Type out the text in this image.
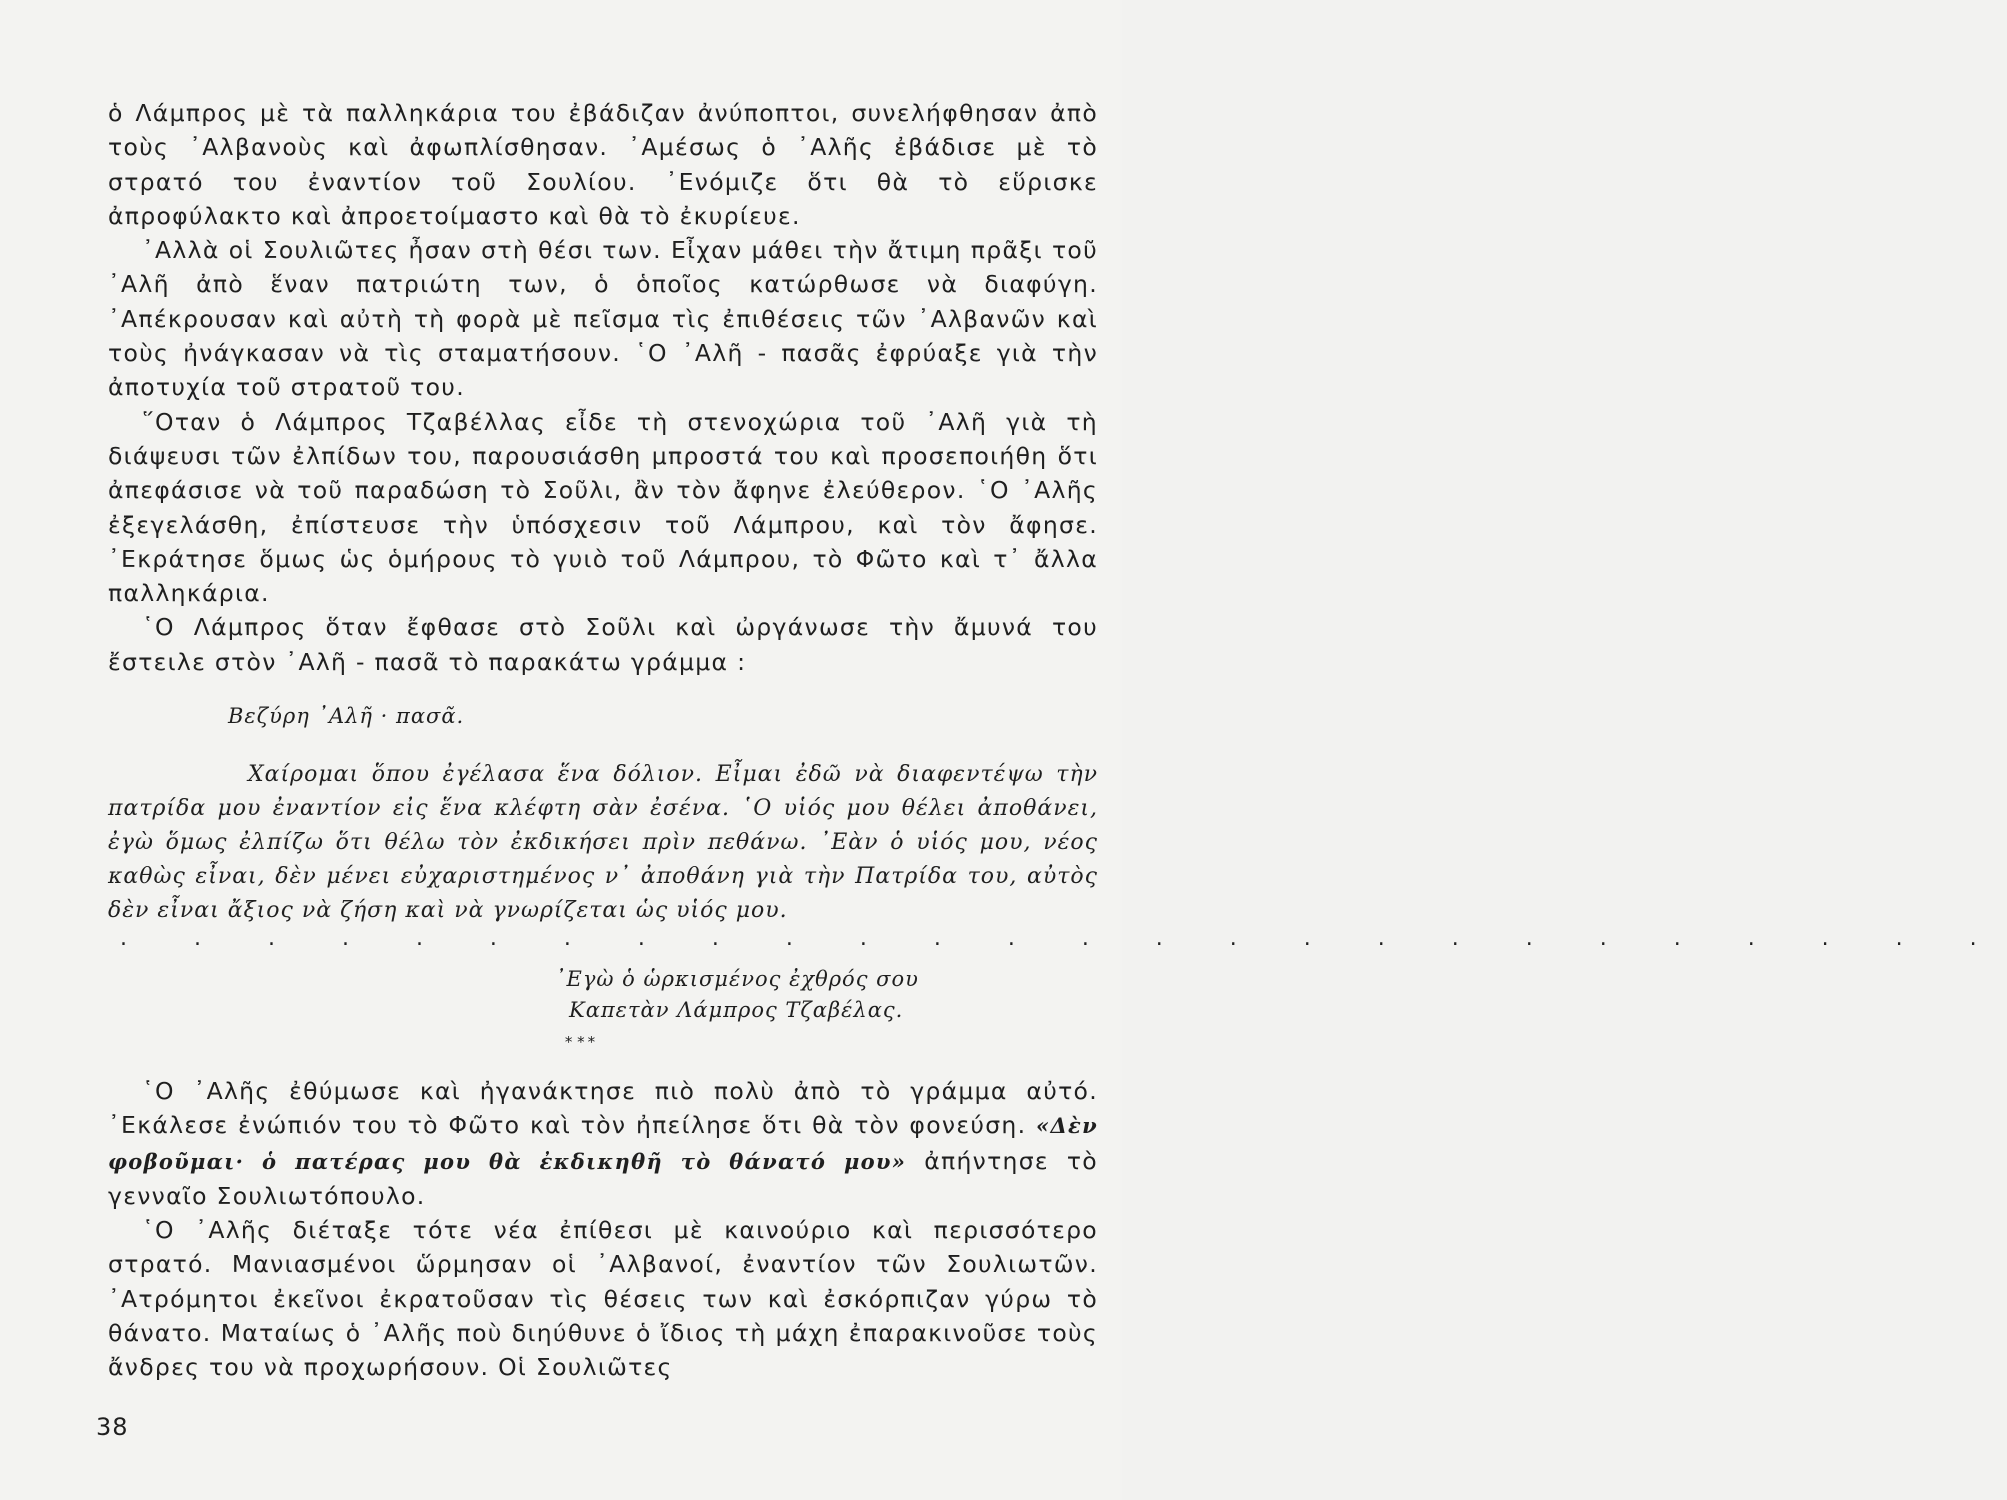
ὁ Λάμπρος μὲ τὰ παλληκάρια του ἐβάδιζαν ἀνύποπτοι, συνελήφθησαν ἀπὸ τοὺς ᾿Αλβανοὺς καὶ ἀφωπλίσθησαν. ᾿Αμέσως ὁ ᾿Αλῆς ἐβάδισε μὲ τὸ στρατό του ἐναντίον τοῦ Σουλίου. ᾿Ενόμιζε ὅτι θὰ τὸ εὕρισκε ἀπροφύλακτο καὶ ἀπροετοίμαστο καὶ θὰ τὸ ἐκυρίευε.

᾿Αλλὰ οἱ Σουλιῶτες ἦσαν στὴ θέσι των. Εἶχαν μάθει τὴν ἄτιμη πρᾶξι τοῦ ᾿Αλῆ ἀπὸ ἕναν πατριώτη των, ὁ ὁποῖος κατώρθωσε νὰ διαφύγη. ᾿Απέκρουσαν καὶ αὐτὴ τὴ φορὰ μὲ πεῖσμα τὶς ἐπιθέσεις τῶν ᾿Αλβανῶν καὶ τοὺς ἠνάγκασαν νὰ τὶς σταματήσουν. ῾Ο ᾿Αλῆ - πασᾶς ἐφρύαξε γιὰ τὴν ἀποτυχία τοῦ στρατοῦ του.

῞Οταν ὁ Λάμπρος Τζαβέλλας εἶδε τὴ στενοχώρια τοῦ ᾿Αλῆ γιὰ τὴ διάψευσι τῶν ἐλπίδων του, παρουσιάσθη μπροστά του καὶ προσεποιήθη ὅτι ἀπεφάσισε νὰ τοῦ παραδώση τὸ Σοῦλι, ἂν τὸν ἄφηνε ἐλεύθερον. ῾Ο ᾿Αλῆς ἐξεγελάσθη, ἐπίστευσε τὴν ὑπόσχεσιν τοῦ Λάμπρου, καὶ τὸν ἄφησε. ᾿Εκράτησε ὅμως ὡς ὁμήρους τὸ γυιὸ τοῦ Λάμπρου, τὸ Φῶτο καὶ τ᾿ ἄλλα παλληκάρια.

῾Ο Λάμπρος ὅταν ἔφθασε στὸ Σοῦλι καὶ ὠργάνωσε τὴν ἄμυνά του ἔστειλε στὸν ᾿Αλῆ - πασᾶ τὸ παρακάτω γράμμα :

Βεζύρη ᾿Αλῆ · πασᾶ.

Χαίρομαι ὅπου ἐγέλασα ἕνα δόλιον. Εἶμαι ἐδῶ νὰ διαφεντέψω τὴν πατρίδα μου ἐναντίον εἰς ἕνα κλέφτη σὰν ἐσένα. ῾Ο υἱός μου θέλει ἀποθάνει, ἐγὼ ὅμως ἐλπίζω ὅτι θέλω τὸν ἐκδικήσει πρὶν πεθάνω. ᾿Εὰν ὁ υἱός μου, νέος καθὼς εἶναι, δὲν μένει εὐχαριστημένος ν᾿ ἀποθάνη γιὰ τὴν Πατρίδα του, αὐτὸς δὲν εἶναι ἄξιος νὰ ζήση καὶ νὰ γνωρίζεται ὡς υἱός μου.

. . . . . . . . . . . . . . . . . . . . . . . . . .
᾿Εγὼ ὁ ὡρκισμένος ἐχθρός σου
Καπετὰν Λάμπρος Τζαβέλας.
* * *

῾Ο ᾿Αλῆς ἐθύμωσε καὶ ἠγανάκτησε πιὸ πολὺ ἀπὸ τὸ γράμμα αὐτό. ᾿Εκάλεσε ἐνώπιόν του τὸ Φῶτο καὶ τὸν ἠπείλησε ὅτι θὰ τὸν φονεύση. «Δὲν φοβοῦμαι· ὁ πατέρας μου θὰ ἐκδικηθῆ τὸ θάνατό μου» ἀπήντησε τὸ γενναῖο Σουλιωτόπουλο.

῾Ο ᾿Αλῆς διέταξε τότε νέα ἐπίθεσι μὲ καινούριο καὶ περισσότερο στρατό. Μανιασμένοι ὥρμησαν οἱ ᾿Αλβανοί, ἐναντίον τῶν Σουλιωτῶν. ᾿Ατρόμητοι ἐκεῖνοι ἐκρατοῦσαν τὶς θέσεις των καὶ ἐσκόρπιζαν γύρω τὸ θάνατο. Ματαίως ὁ ᾿Αλῆς ποὺ διηύθυνε ὁ ἴδιος τὴ μάχη ἐπαρακινοῦσε τοὺς ἄνδρες του νὰ προχωρήσουν. Οἱ Σουλιῶτες

38
